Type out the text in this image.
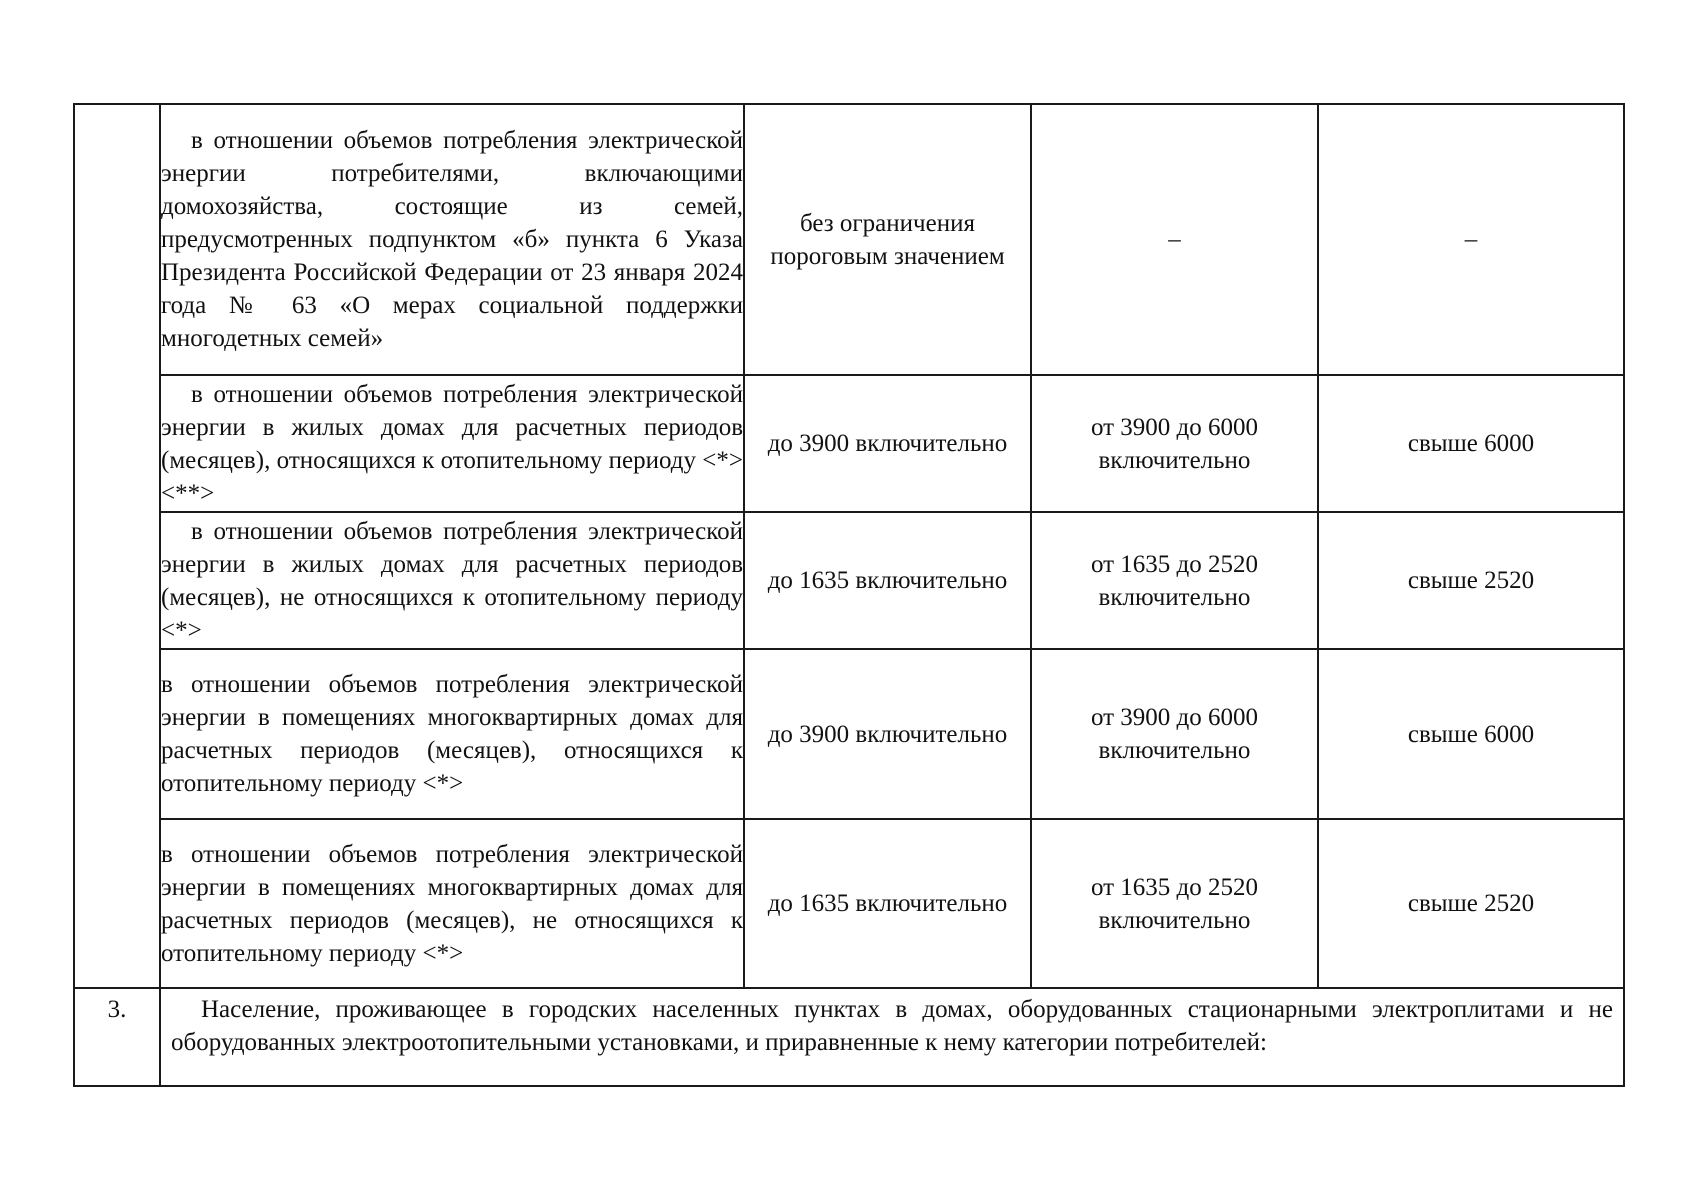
	в отношении объемов потребления электрической энергии потребителями, включающими домохозяйства, состоящие из семей, предусмотренных подпунктом «б» пункта 6 Указа Президента Российской Федерации от 23 января 2024 года № 63 «О мерах социальной поддержки многодетных семей»	без ограничения пороговым значением	–	–

	в отношении объемов потребления электрической энергии в жилых домах для расчетных периодов (месяцев), относящихся к отопительному периоду <*> <**>	до 3900 включительно	от 3900 до 6000 включительно	свыше 6000

	в отношении объемов потребления электрической энергии в жилых домах для расчетных периодов (месяцев), не относящихся к отопительному периоду <*>	до 1635 включительно	от 1635 до 2520 включительно	свыше 2520

	в отношении объемов потребления электрической энергии в помещениях многоквартирных домах для расчетных периодов (месяцев), относящихся к отопительному периоду <*>	до 3900 включительно	от 3900 до 6000 включительно	свыше 6000

	в отношении объемов потребления электрической энергии в помещениях многоквартирных домах для расчетных периодов (месяцев), не относящихся к отопительному периоду <*>	до 1635 включительно	от 1635 до 2520 включительно	свыше 2520
3.	Население, проживающее в городских населенных пунктах в домах, оборудованных стационарными электроплитами и не оборудованных электроотопительными установками, и приравненные к нему категории потребителей:			
